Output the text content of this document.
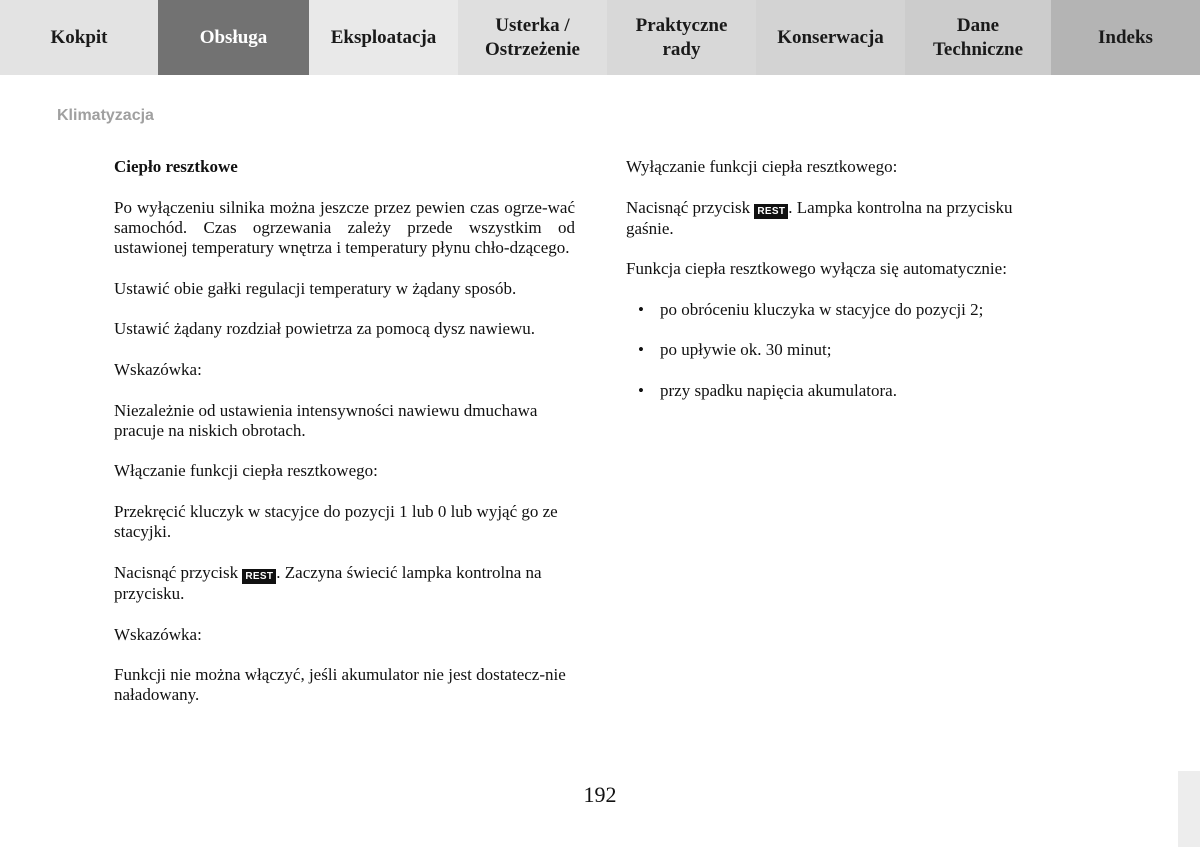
Kokpit	Obsługa	Eksploatacja
Usterka /
Ostrzeżenie
Praktyczne
rady
Konserwacja
Dane
Techniczne
Indeks
Klimatyzacja
Ciepło resztkowe

Po wyłączeniu silnika można jeszcze przez pewien czas ogrze-wać samochód. Czas ogrzewania zależy przede wszystkim od ustawionej temperatury wnętrza i temperatury płynu chło-dzącego.

Ustawić obie gałki regulacji temperatury w żądany sposób.

Ustawić żądany rozdział powietrza za pomocą dysz nawiewu.

Wskazówka:

Niezależnie od ustawienia intensywności nawiewu dmuchawa pracuje na niskich obrotach.

Włączanie funkcji ciepła resztkowego:

Przekręcić kluczyk w stacyjce do pozycji 1 lub 0 lub wyjąć go ze stacyjki.

Nacisnąć przycisk REST . Zaczyna świecić lampka kontrolna na przycisku.

Wskazówka:

Funkcji nie można włączyć, jeśli akumulator nie jest dostatecz-nie naładowany.

Wyłączanie funkcji ciepła resztkowego:

Nacisnąć przycisk REST . Lampka kontrolna na przycisku gaśnie.

Funkcja ciepła resztkowego wyłącza się automatycznie:

• po obróceniu kluczyka w stacyjce do pozycji 2;
• po upływie ok. 30 minut;
• przy spadku napięcia akumulatora.
192
